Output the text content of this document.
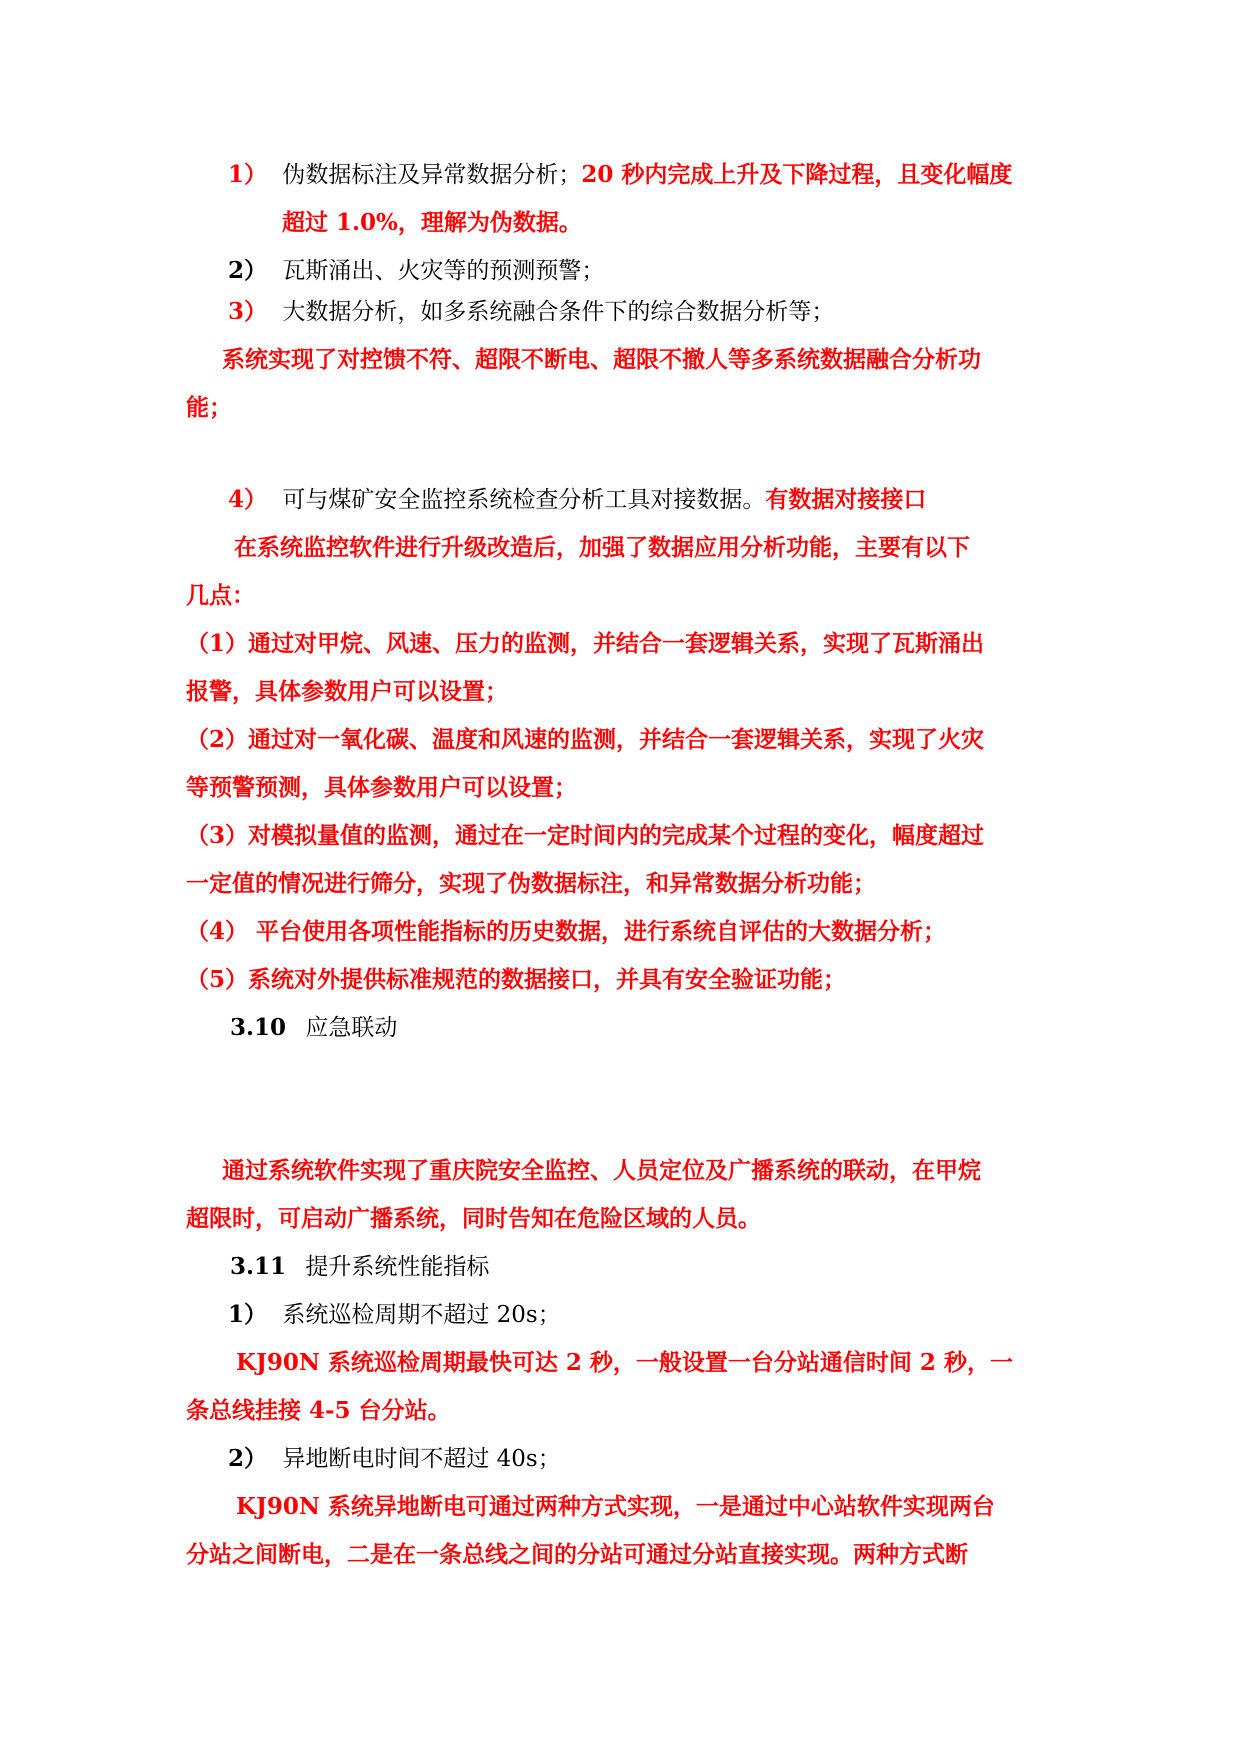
1） 伪数据标注及异常数据分析；20 秒内完成上升及下降过程，且变化幅度
超过 1.0%，理解为伪数据。
2） 瓦斯涌出、火灾等的预测预警；
3） 大数据分析，如多系统融合条件下的综合数据分析等；
系统实现了对控馈不符、超限不断电、超限不撤人等多系统数据融合分析功
能；
4） 可与煤矿安全监控系统检查分析工具对接数据。有数据对接接口
在系统监控软件进行升级改造后，加强了数据应用分析功能，主要有以下
几点：
（1）通过对甲烷、风速、压力的监测，并结合一套逻辑关系，实现了瓦斯涌出
报警，具体参数用户可以设置；
（2）通过对一氧化碳、温度和风速的监测，并结合一套逻辑关系，实现了火灾
等预警预测，具体参数用户可以设置；
（3）对模拟量值的监测，通过在一定时间内的完成某个过程的变化，幅度超过
一定值的情况进行筛分，实现了伪数据标注，和异常数据分析功能；
（4） 平台使用各项性能指标的历史数据，进行系统自评估的大数据分析；
（5）系统对外提供标准规范的数据接口，并具有安全验证功能；
3.10 应急联动
通过系统软件实现了重庆院安全监控、人员定位及广播系统的联动，在甲烷
超限时，可启动广播系统，同时告知在危险区域的人员。
3.11 提升系统性能指标
1） 系统巡检周期不超过 20s；
KJ90N 系统巡检周期最快可达 2 秒，一般设置一台分站通信时间 2 秒，一
条总线挂接 4-5 台分站。
2） 异地断电时间不超过 40s；
KJ90N 系统异地断电可通过两种方式实现，一是通过中心站软件实现两台
分站之间断电，二是在一条总线之间的分站可通过分站直接实现。两种方式断
